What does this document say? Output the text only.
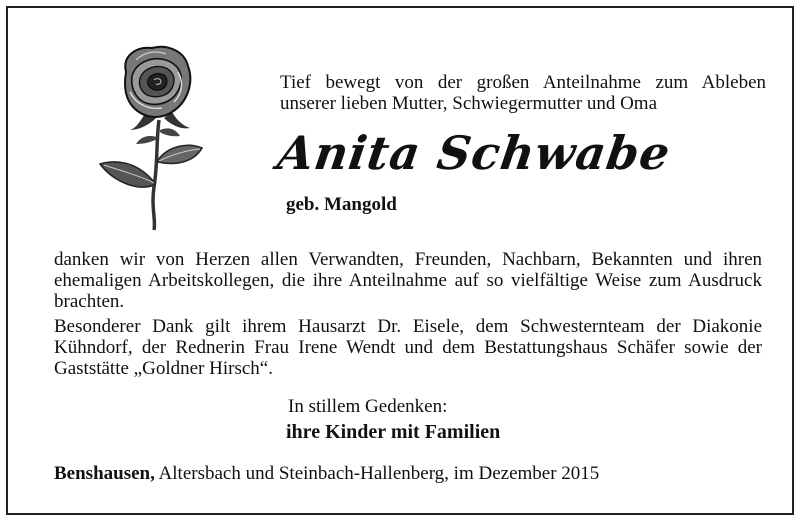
Tief bewegt von der großen Anteilnahme zum Ableben
unserer lieben Mutter, Schwiegermutter und Oma
Anita Schwabe
geb. Mangold

danken wir von Herzen allen Verwandten, Freunden, Nachbarn, Bekannten und ihren ehemaligen Arbeitskollegen, die ihre Anteilnahme auf so vielfältige Weise zum Ausdruck brachten.

Besonderer Dank gilt ihrem Hausarzt Dr. Eisele, dem Schwesternteam der Diakonie Kühndorf, der Rednerin Frau Irene Wendt und dem Bestattungshaus Schäfer sowie der Gaststätte „Goldner Hirsch“.

In stillem Gedenken:
ihre Kinder mit Familien
Benshausen, Altersbach und Steinbach-Hallenberg, im Dezember 2015
